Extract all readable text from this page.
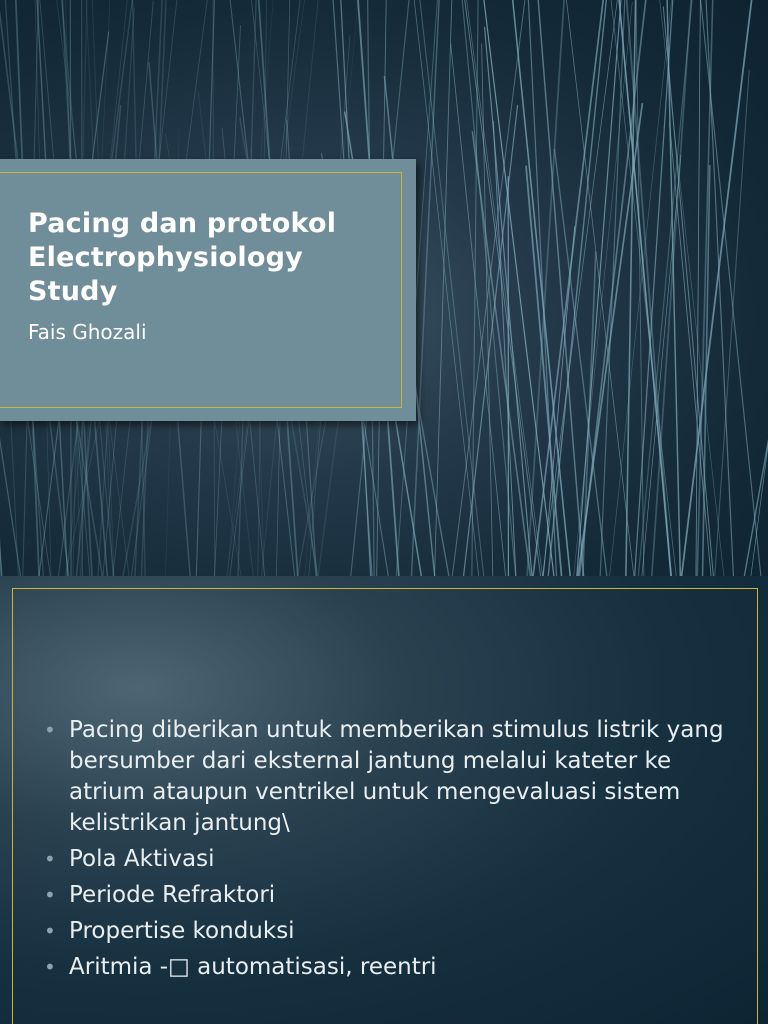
Pacing dan protokol
Electrophysiology
Study
Fais Ghozali
• Pacing diberikan untuk memberikan stimulus listrik yang bersumber dari eksternal jantung melalui kateter ke atrium ataupun ventrikel untuk mengevaluasi sistem kelistrikan jantung\
• Pola Aktivasi
• Periode Refraktori
• Propertise konduksi
• Aritmia -□ automatisasi, reentri
